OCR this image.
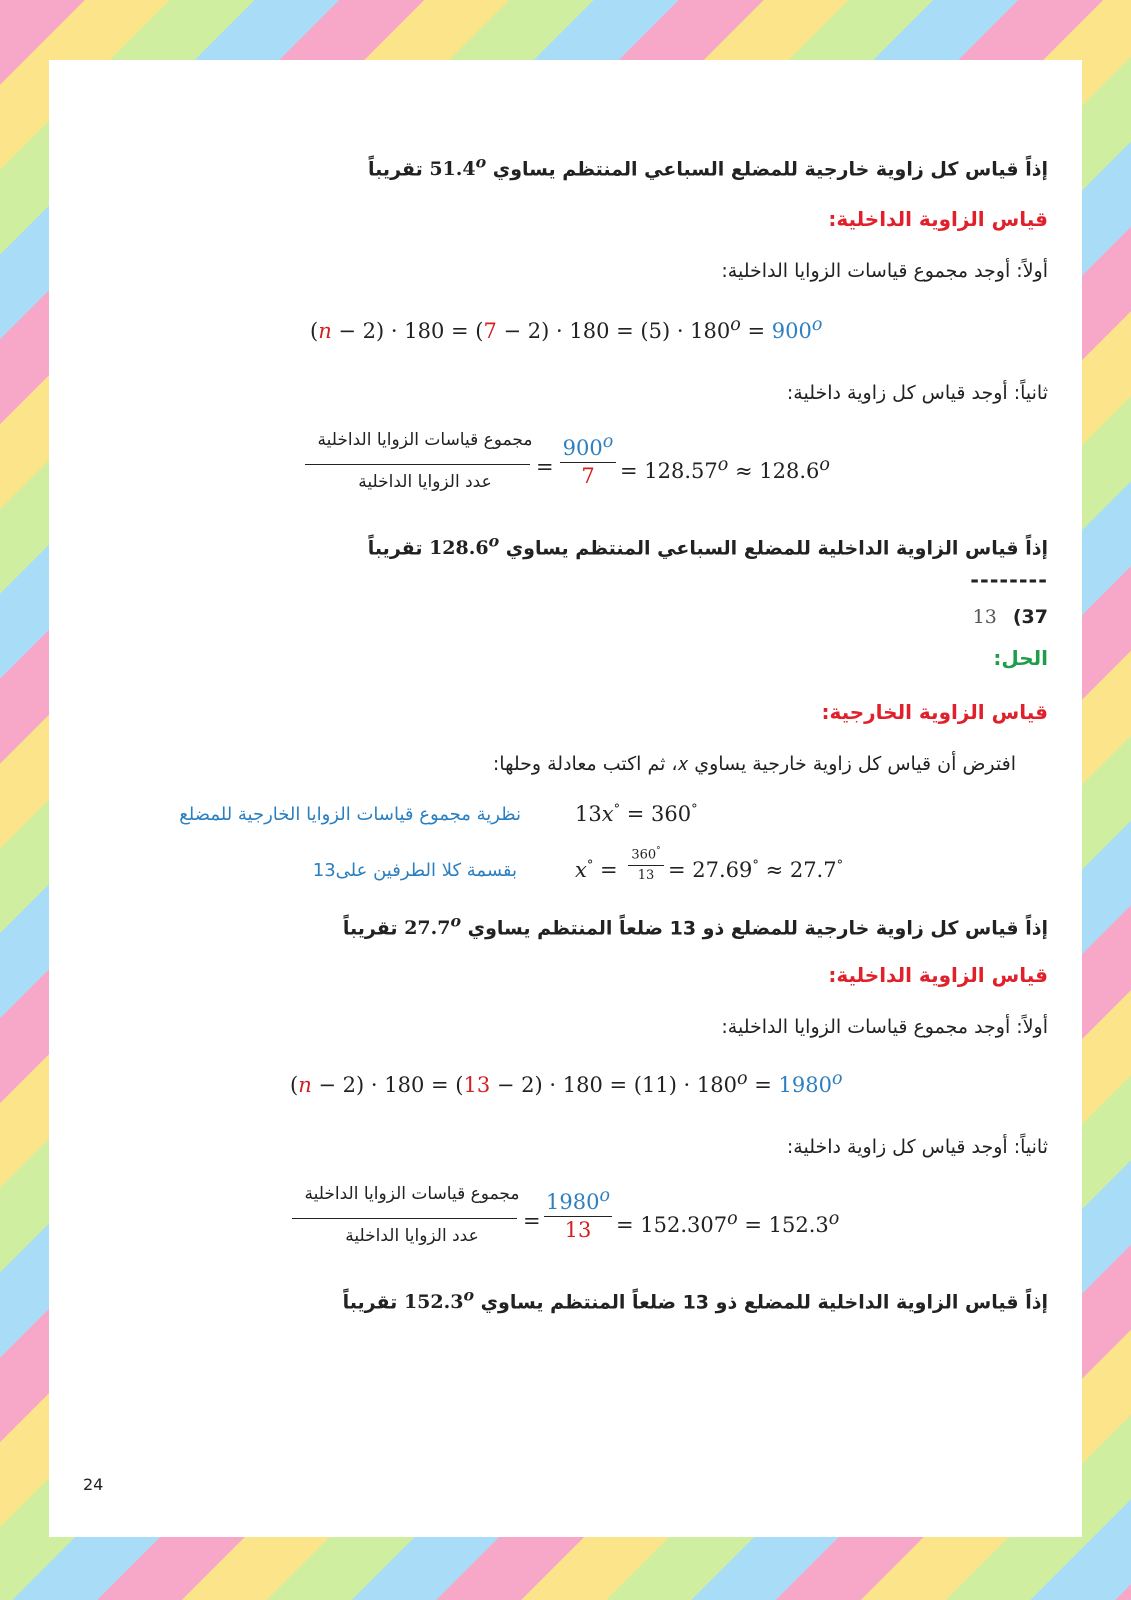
إذاً قياس كل زاوية خارجية للمضلع السباعي المنتظم يساوي 51.4$^o$ تقريباً
قياس الزاوية الداخلية:
أولاً: أوجد مجموع قياسات الزوايا الداخلية:
$(n - 2) \cdot 180 = (7 - 2) \cdot 180 = (5) \cdot 180^o = 900^o$
ثانياً: أوجد قياس كل زاوية داخلية:
مجموع قياسات الزوايا الداخلية
عدد الزوايا الداخلية
=
$900^o$
7	= $128.57^o \approx 128.6^o$
إذاً قياس الزاوية الداخلية للمضلع السباعي المنتظم يساوي 128.6$^o$ تقريباً
--------
13 (37
الحل:
قياس الزاوية الخارجية:
افترض أن قياس كل زاوية خارجية يساوي 𝑥، ثم اكتب معادلة وحلها:
13𝑥° = 360°
نظرية مجموع قياسات الزوايا الخارجية للمضلع
𝑥° =
360°
13 = 27.69° ≈ 27.7°
بقسمة كلا الطرفين على13
إذاً قياس كل زاوية خارجية للمضلع ذو 13 ضلعاً المنتظم يساوي 27.7$^o$ تقريباً
قياس الزاوية الداخلية:
أولاً: أوجد مجموع قياسات الزوايا الداخلية:
$(n - 2) \cdot 180 = (13 - 2) \cdot 180 = (11) \cdot 180^o = 1980^o$
ثانياً: أوجد قياس كل زاوية داخلية:
مجموع قياسات الزوايا الداخلية
عدد الزوايا الداخلية
=
$1980^o$
13	= $152.307^o = 152.3^o$
إذاً قياس الزاوية الداخلية للمضلع ذو 13 ضلعاً المنتظم يساوي 152.3$^o$ تقريباً
24
